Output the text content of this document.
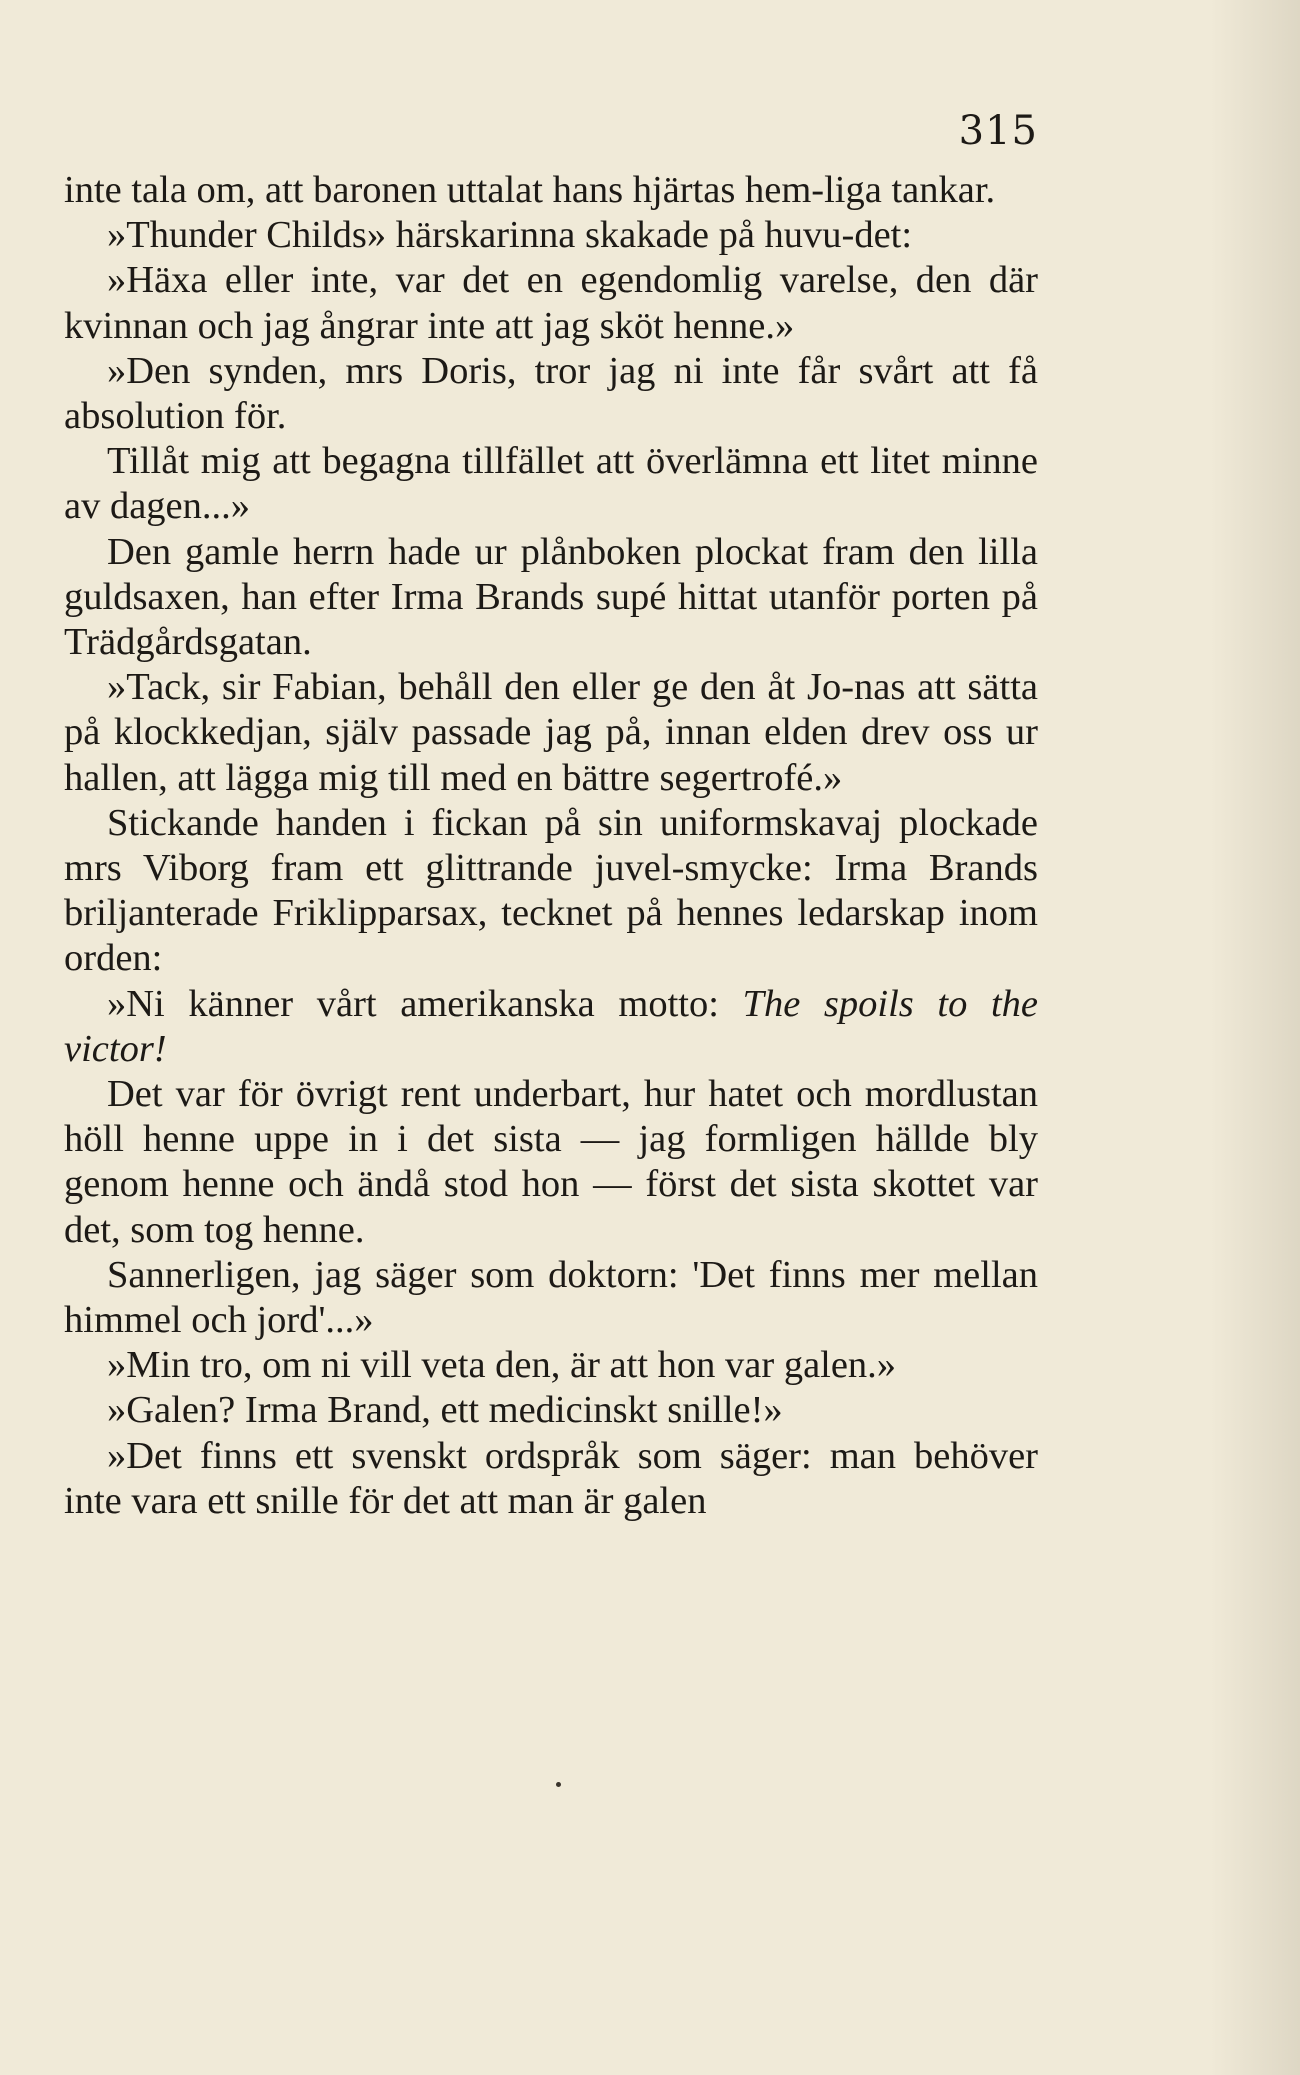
315

inte tala om, att baronen uttalat hans hjärtas hem-liga tankar.

»Thunder Childs» härskarinna skakade på huvu-det:

»Häxa eller inte, var det en egendomlig varelse, den där kvinnan och jag ångrar inte att jag sköt henne.»

»Den synden, mrs Doris, tror jag ni inte får svårt att få absolution för.

Tillåt mig att begagna tillfället att överlämna ett litet minne av dagen...»

Den gamle herrn hade ur plånboken plockat fram den lilla guldsaxen, han efter Irma Brands supé hittat utanför porten på Trädgårdsgatan.

»Tack, sir Fabian, behåll den eller ge den åt Jo-nas att sätta på klockkedjan, själv passade jag på, innan elden drev oss ur hallen, att lägga mig till med en bättre segertrofé.»

Stickande handen i fickan på sin uniformskavaj plockade mrs Viborg fram ett glittrande juvel-smycke: Irma Brands briljanterade Friklipparsax, tecknet på hennes ledarskap inom orden:

»Ni känner vårt amerikanska motto: The spoils to the victor!

Det var för övrigt rent underbart, hur hatet och mordlustan höll henne uppe in i det sista — jag formligen hällde bly genom henne och ändå stod hon — först det sista skottet var det, som tog henne.

Sannerligen, jag säger som doktorn: 'Det finns mer mellan himmel och jord'...»

»Min tro, om ni vill veta den, är att hon var galen.»

»Galen? Irma Brand, ett medicinskt snille!»

»Det finns ett svenskt ordspråk som säger: man behöver inte vara ett snille för det att man är galen
